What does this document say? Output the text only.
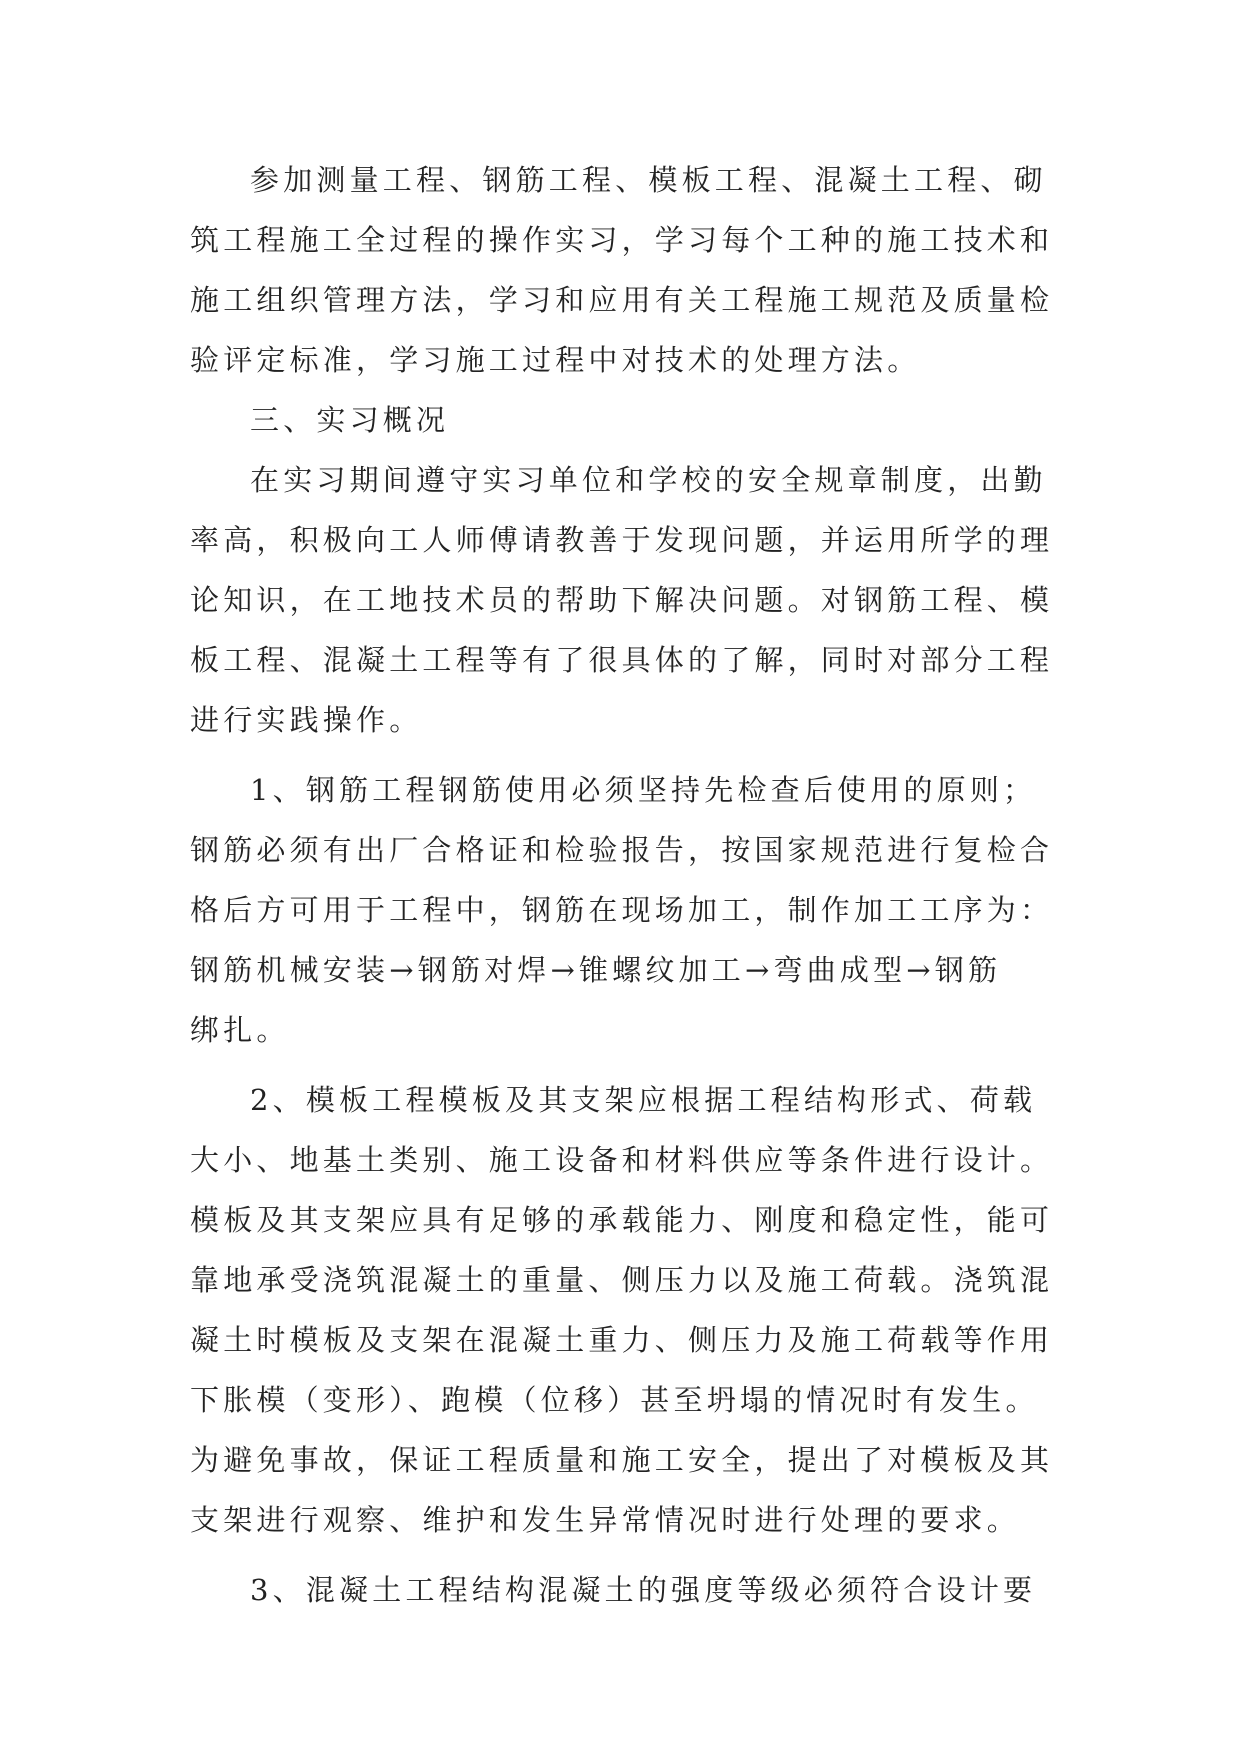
参加测量工程、钢筋工程、模板工程、混凝土工程、砌
筑工程施工全过程的操作实习，学习每个工种的施工技术和
施工组织管理方法，学习和应用有关工程施工规范及质量检
验评定标准，学习施工过程中对技术的处理方法。
三、实习概况
在实习期间遵守实习单位和学校的安全规章制度，出勤
率高，积极向工人师傅请教善于发现问题，并运用所学的理
论知识，在工地技术员的帮助下解决问题。对钢筋工程、模
板工程、混凝土工程等有了很具体的了解，同时对部分工程
进行实践操作。
1、钢筋工程钢筋使用必须坚持先检查后使用的原则；
钢筋必须有出厂合格证和检验报告，按国家规范进行复检合
格后方可用于工程中，钢筋在现场加工，制作加工工序为：
钢筋机械安装→钢筋对焊→锥螺纹加工→弯曲成型→钢筋
绑扎。
2、模板工程模板及其支架应根据工程结构形式、荷载
大小、地基土类别、施工设备和材料供应等条件进行设计。
模板及其支架应具有足够的承载能力、刚度和稳定性，能可
靠地承受浇筑混凝土的重量、侧压力以及施工荷载。浇筑混
凝土时模板及支架在混凝土重力、侧压力及施工荷载等作用
下胀模（变形）、跑模（位移）甚至坍塌的情况时有发生。
为避免事故，保证工程质量和施工安全，提出了对模板及其
支架进行观察、维护和发生异常情况时进行处理的要求。
3、混凝土工程结构混凝土的强度等级必须符合设计要
